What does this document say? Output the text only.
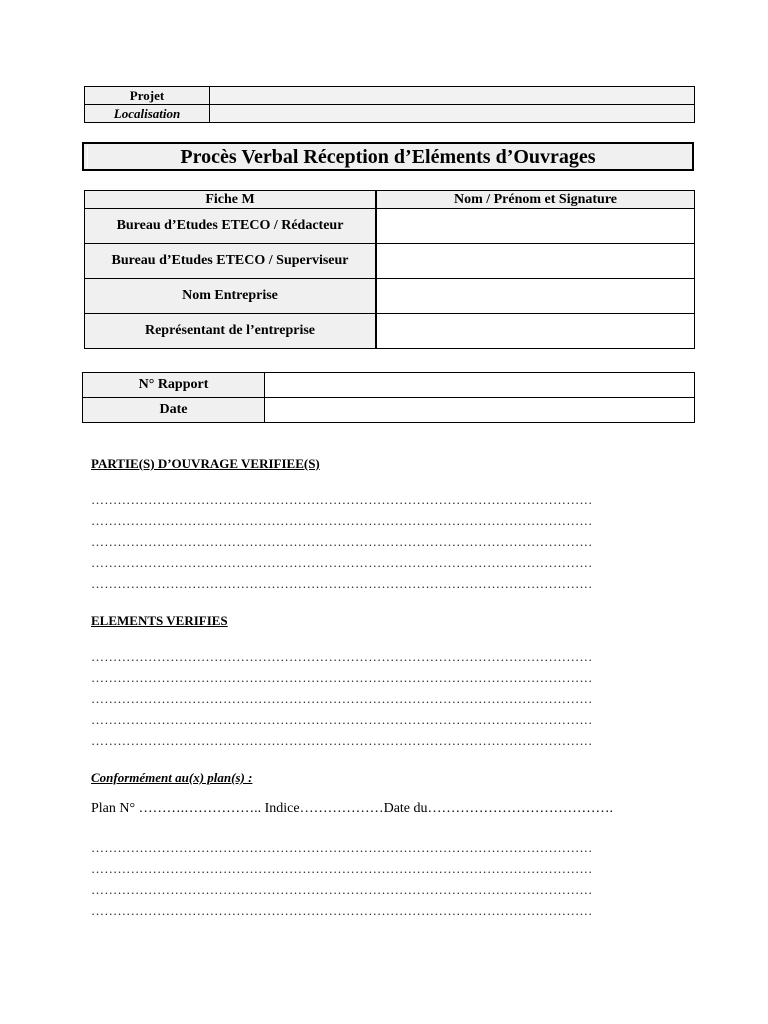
Projet	
Localisation	
Procès Verbal Réception d’Eléments d’Ouvrages
Fiche M	Nom / Prénom et Signature
Bureau d’Etudes ETECO / Rédacteur	
Bureau d’Etudes ETECO / Superviseur	
Nom Entreprise	
Représentant de l’entreprise	
N° Rapport	
Date	
PARTIE(S) D’OUVRAGE VERIFIEE(S)
……………………………………………………………………………………………………
……………………………………………………………………………………………………
……………………………………………………………………………………………………
……………………………………………………………………………………………………
……………………………………………………………………………………………………
ELEMENTS VERIFIES
……………………………………………………………………………………………………
……………………………………………………………………………………………………
……………………………………………………………………………………………………
……………………………………………………………………………………………………
……………………………………………………………………………………………………
Conformément au(x) plan(s) :
Plan N° ……….…………….. Indice………………Date du………………………………….
……………………………………………………………………………………………………
……………………………………………………………………………………………………
……………………………………………………………………………………………………
……………………………………………………………………………………………………
